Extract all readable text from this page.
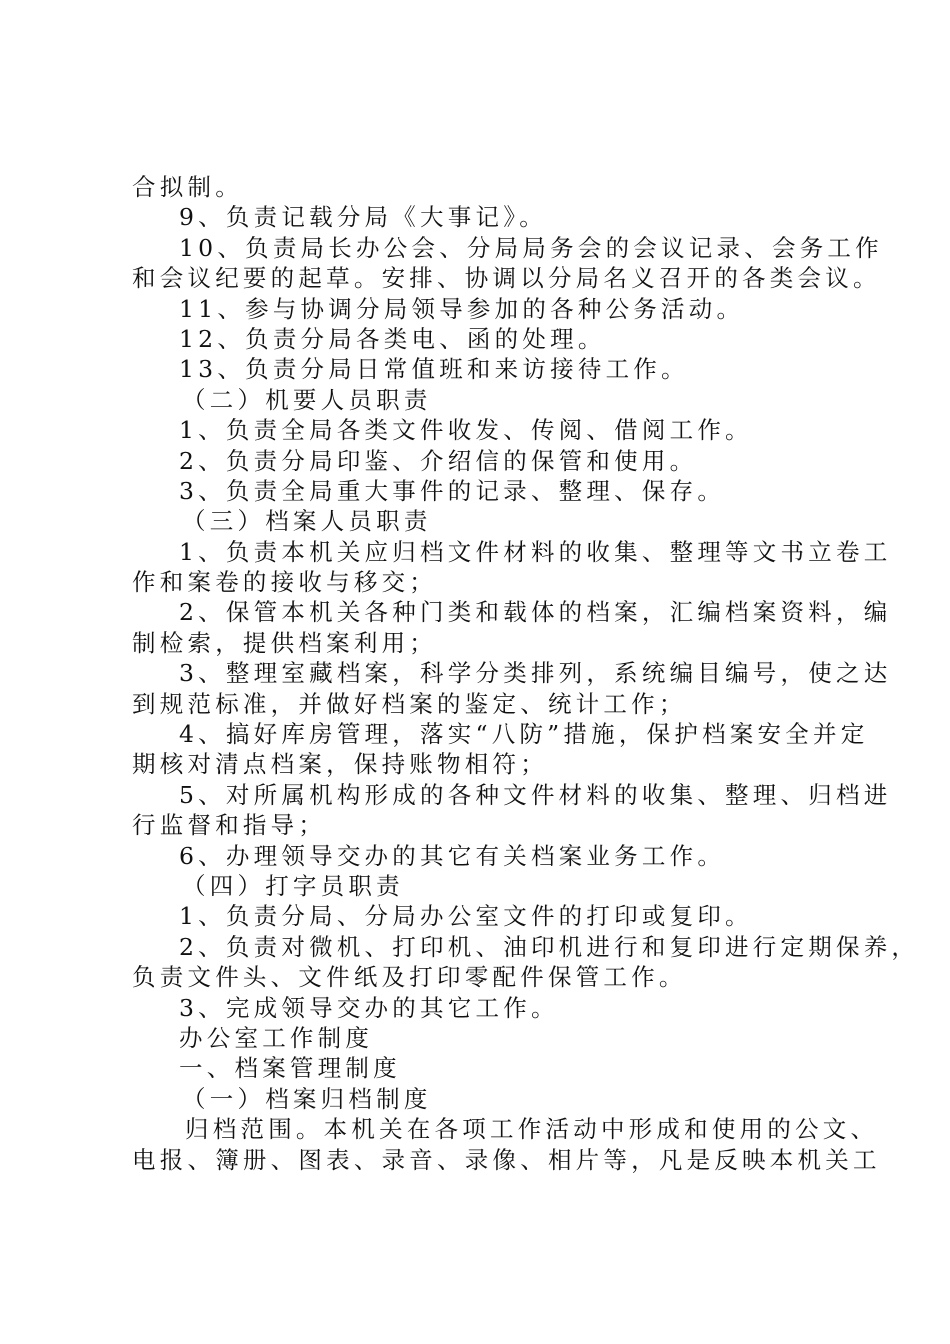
合拟制。
9、负责记载分局《大事记》。
10、负责局长办公会、分局局务会的会议记录、会务工作
和会议纪要的起草。安排、协调以分局名义召开的各类会议。
11、参与协调分局领导参加的各种公务活动。
12、负责分局各类电、函的处理。
13、负责分局日常值班和来访接待工作。
（二）机要人员职责
1、负责全局各类文件收发、传阅、借阅工作。
2、负责分局印鉴、介绍信的保管和使用。
3、负责全局重大事件的记录、整理、保存。
（三）档案人员职责
1、负责本机关应归档文件材料的收集、整理等文书立卷工
作和案卷的接收与移交；
2、保管本机关各种门类和载体的档案，汇编档案资料，编
制检索，提供档案利用；
3、整理室藏档案，科学分类排列，系统编目编号，使之达
到规范标准，并做好档案的鉴定、统计工作；
4、搞好库房管理，落实“八防”措施，保护档案安全并定
期核对清点档案，保持账物相符；
5、对所属机构形成的各种文件材料的收集、整理、归档进
行监督和指导；
6、办理领导交办的其它有关档案业务工作。
（四）打字员职责
1、负责分局、分局办公室文件的打印或复印。
2、负责对微机、打印机、油印机进行和复印进行定期保养，
负责文件头、文件纸及打印零配件保管工作。
3、完成领导交办的其它工作。
办公室工作制度
一、档案管理制度
（一）档案归档制度
归档范围。本机关在各项工作活动中形成和使用的公文、
电报、簿册、图表、录音、录像、相片等，凡是反映本机关工
